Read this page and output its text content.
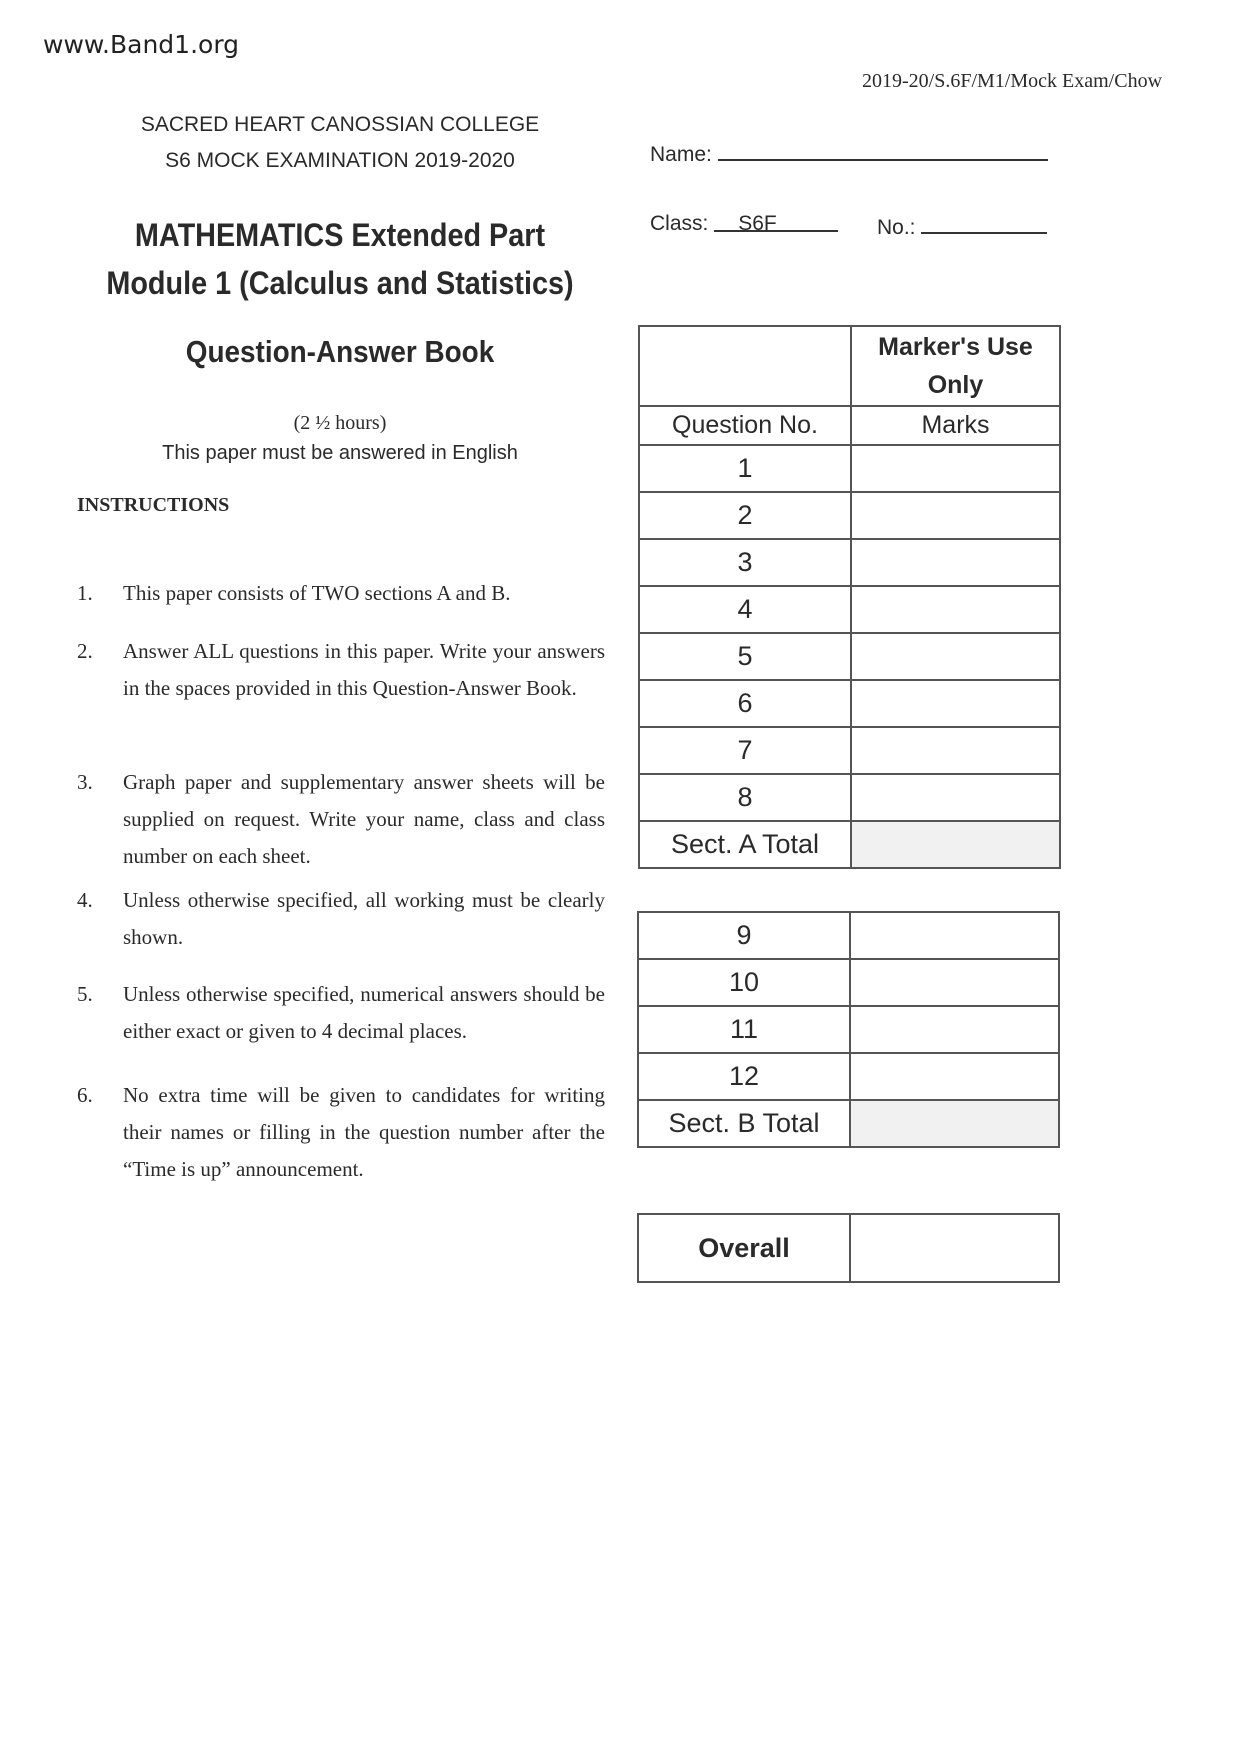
www.Band1.org
2019-20/S.6F/M1/Mock Exam/Chow
SACRED HEART CANOSSIAN COLLEGE
S6 MOCK EXAMINATION 2019-2020
MATHEMATICS Extended Part
Module 1 (Calculus and Statistics)
Question-Answer Book
(2 ½ hours)
This paper must be answered in English
Name:
Class: S6F	No.:
INSTRUCTIONS
1. This paper consists of TWO sections A and B.
2. Answer ALL questions in this paper. Write your answers in the spaces provided in this Question-Answer Book.
3. Graph paper and supplementary answer sheets will be supplied on request. Write your name, class and class number on each sheet.
4. Unless otherwise specified, all working must be clearly shown.
5. Unless otherwise specified, numerical answers should be either exact or given to 4 decimal places.
6. No extra time will be given to candidates for writing their names or filling in the question number after the “Time is up” announcement.
	Marker's Use Only
Question No.	Marks
1	
2	
3	
4	
5	
6	
7	
8	
Sect. A Total	
9	
10	
11	
12	
Sect. B Total	
Overall	
